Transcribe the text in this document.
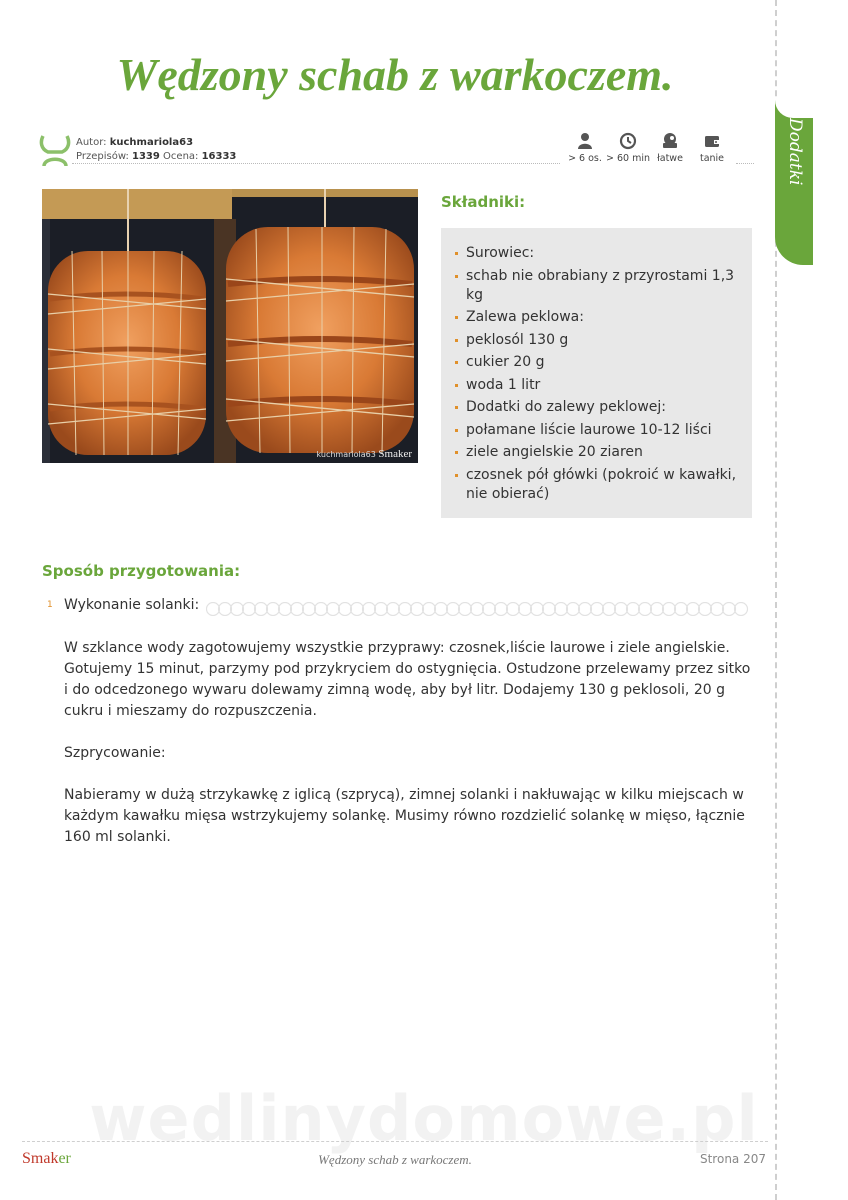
Dodatki
Wędzony schab z warkoczem.
Autor: kuchmariola63
Przepisów: 1339 Ocena: 16333	> 6 os. > 60 min łatwe	tanie
kuchmariola63 Smaker
Składniki:
Surowiec:
schab nie obrabiany z przyrostami 1,3 kg
Zalewa peklowa:
peklosól 130 g
cukier 20 g
woda 1 litr
Dodatki do zalewy peklowej:
połamane liście laurowe 10-12 liści
ziele angielskie 20 ziaren
czosnek pół główki (pokroić w kawałki, nie obierać)
Sposób przygotowania:
1 Wykonanie solanki:

W szklance wody zagotowujemy wszystkie przyprawy: czosnek,liście laurowe i ziele angielskie. Gotujemy 15 minut, parzymy pod przykryciem do ostygnięcia. Ostudzone przelewamy przez sitko i do odcedzonego wywaru dolewamy zimną wodę, aby był litr. Dodajemy 130 g peklosoli, 20 g cukru i mieszamy do rozpuszczenia.

Szprycowanie:

Nabieramy w dużą strzykawkę z iglicą (szprycą), zimnej solanki i nakłuwając w kilku miejscach w każdym kawałku mięsa wstrzykujemy solankę. Musimy równo rozdzielić solankę w mięso, łącznie 160 ml solanki.

wedlinydomowe.pl
Smaker	Wędzony schab z warkoczem.	Strona 207
